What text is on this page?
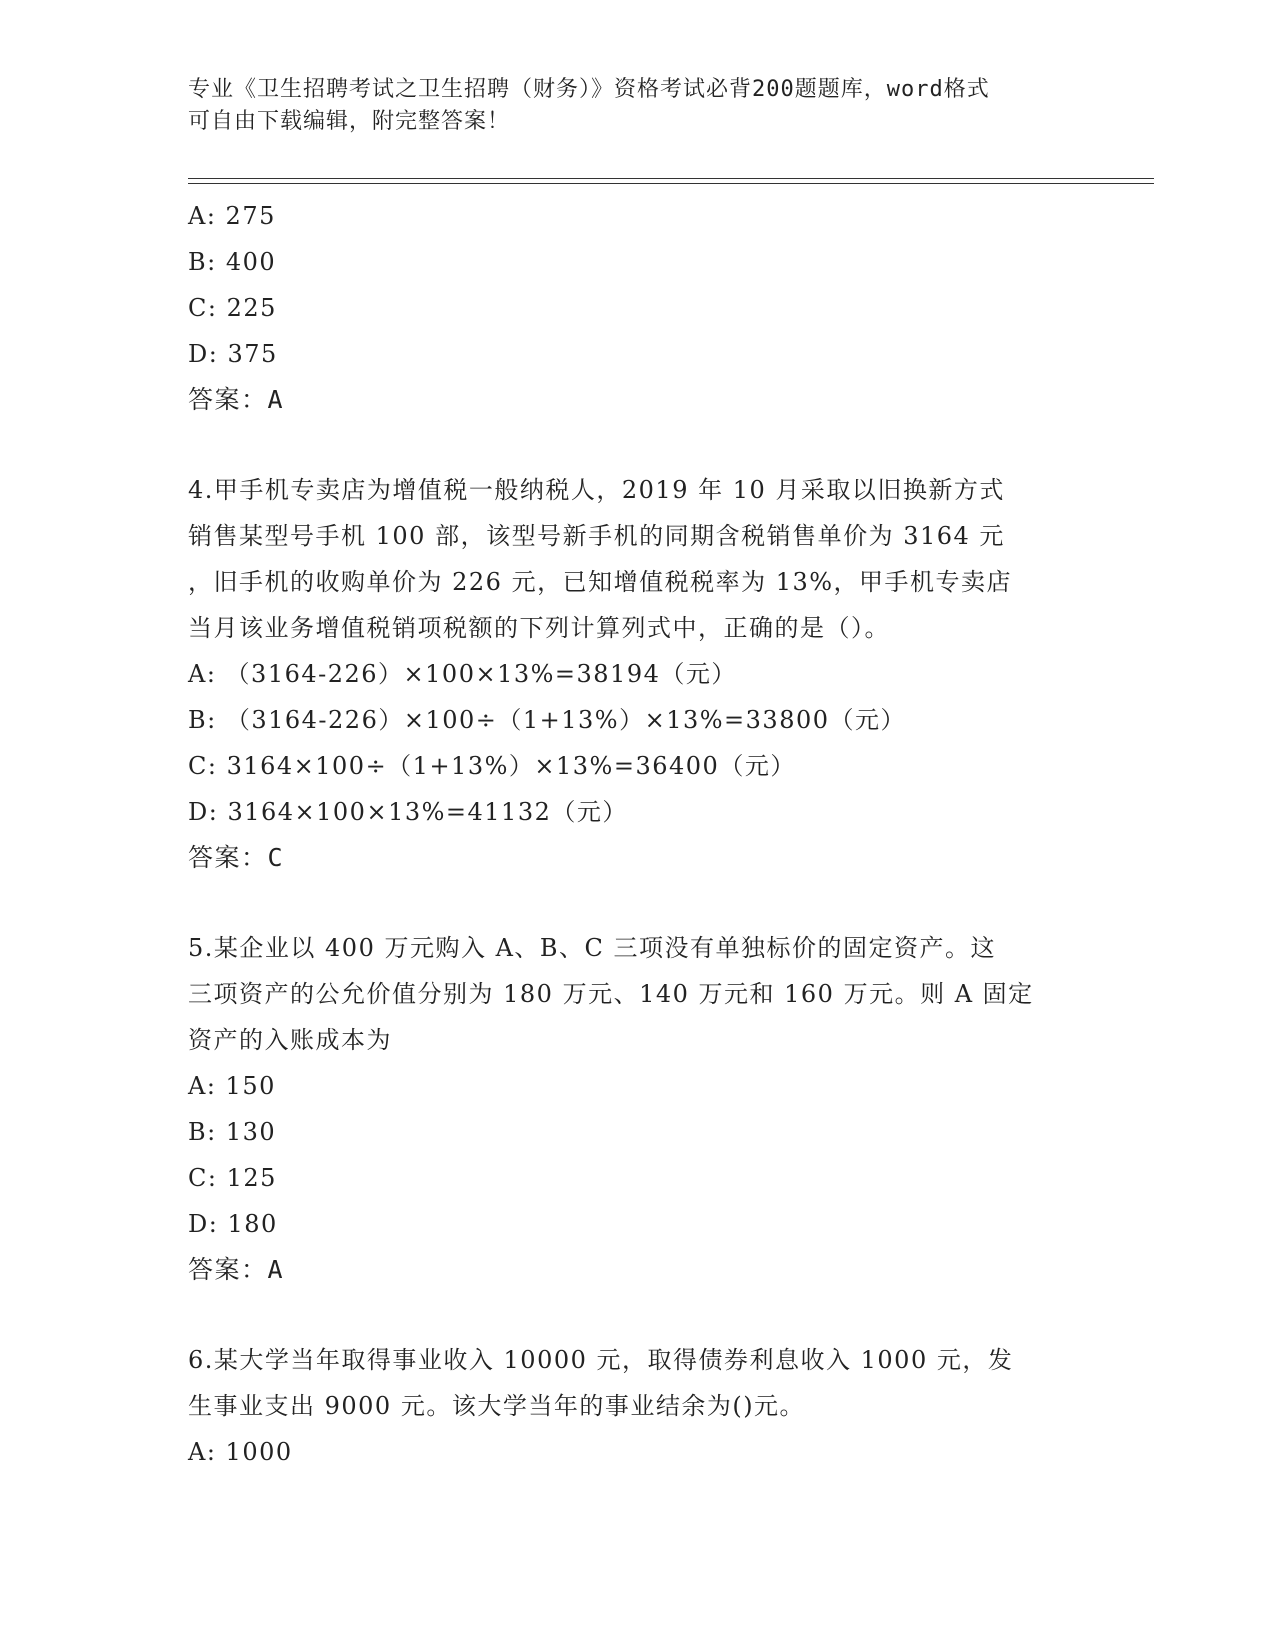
专业《卫生招聘考试之卫生招聘（财务）》资格考试必背200题题库，word格式
可自由下载编辑，附完整答案！
A: 275
B: 400
C: 225
D: 375
答案：A
4.甲手机专卖店为增值税一般纳税人，2019 年 10 月采取以旧换新方式
销售某型号手机 100 部，该型号新手机的同期含税销售单价为 3164 元
，旧手机的收购单价为 226 元，已知增值税税率为 13%，甲手机专卖店
当月该业务增值税销项税额的下列计算列式中，正确的是（）。
A: （3164-226）×100×13%=38194（元）
B: （3164-226）×100÷（1+13%）×13%=33800（元）
C: 3164×100÷（1+13%）×13%=36400（元）
D: 3164×100×13%=41132（元）
答案：C
5.某企业以 400 万元购入 A、B、C 三项没有单独标价的固定资产。这
三项资产的公允价值分别为 180 万元、140 万元和 160 万元。则 A 固定
资产的入账成本为
A: 150
B: 130
C: 125
D: 180
答案：A
6.某大学当年取得事业收入 10000 元，取得债券利息收入 1000 元，发
生事业支出 9000 元。该大学当年的事业结余为()元。
A: 1000
